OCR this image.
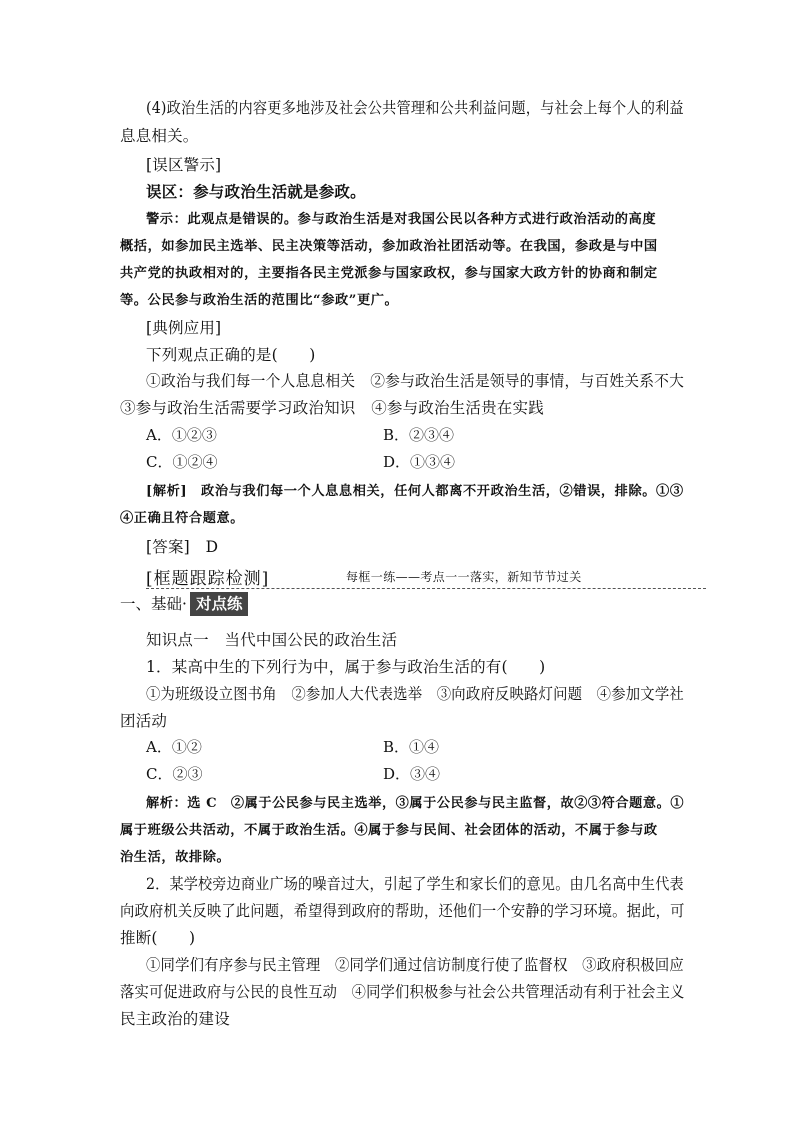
(4)政治生活的内容更多地涉及社会公共管理和公共利益问题，与社会上每个人的利益
息息相关。
[误区警示]
误区：参与政治生活就是参政。
警示：此观点是错误的。参与政治生活是对我国公民以各种方式进行政治活动的高度
概括，如参加民主选举、民主决策等活动，参加政治社团活动等。在我国，参政是与中国
共产党的执政相对的，主要指各民主党派参与国家政权，参与国家大政方针的协商和制定
等。公民参与政治生活的范围比“参政”更广。
[典例应用]
下列观点正确的是(　　)
①政治与我们每一个人息息相关　②参与政治生活是领导的事情，与百姓关系不大
③参与政治生活需要学习政治知识　④参与政治生活贵在实践
A．①②③	B．②③④
C．①②④	D．①③④
[解析]　政治与我们每一个人息息相关，任何人都离不开政治生活，②错误，排除。①③
④正确且符合题意。
[答案]　D
[框题跟踪检测]	每框一练——考点一一落实，新知节节过关
一、基础· 对点练
知识点一　当代中国公民的政治生活
1．某高中生的下列行为中，属于参与政治生活的有(　　)
①为班级设立图书角　②参加人大代表选举　③向政府反映路灯问题　④参加文学社
团活动
A．①②	B．①④
C．②③	D．③④
解析：选 C　②属于公民参与民主选举，③属于公民参与民主监督，故②③符合题意。①
属于班级公共活动，不属于政治生活。④属于参与民间、社会团体的活动，不属于参与政
治生活，故排除。
2．某学校旁边商业广场的噪音过大，引起了学生和家长们的意见。由几名高中生代表
向政府机关反映了此问题，希望得到政府的帮助，还他们一个安静的学习环境。据此，可
推断(　　)
①同学们有序参与民主管理　②同学们通过信访制度行使了监督权　③政府积极回应
落实可促进政府与公民的良性互动　④同学们积极参与社会公共管理活动有利于社会主义
民主政治的建设
